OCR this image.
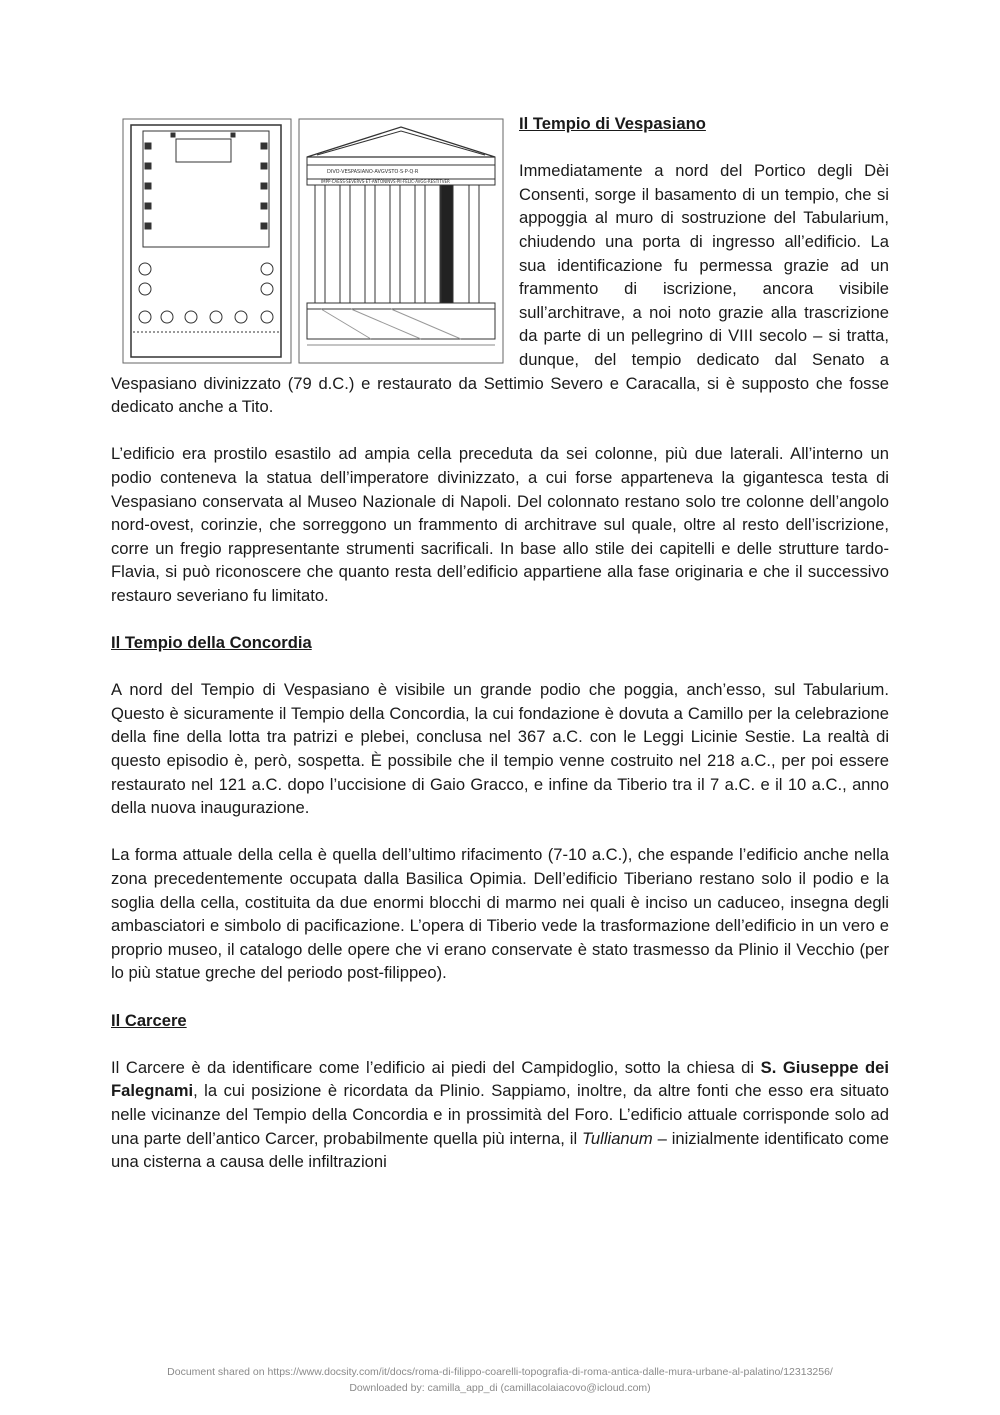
DIVO·VESPASIANO·AVGVSTO·S·P·Q·R
IMPP·CAESS·SEVERVS·ET·ANTONINVS·PII·FELIC·AVGG·RESTITVER
Il Tempio di Vespasiano

Immediatamente a nord del Portico degli Dèi Consenti, sorge il basamento di un tempio, che si appoggia al muro di sostruzione del Tabularium, chiudendo una porta di ingresso all’edificio. La sua identificazione fu permessa grazie ad un frammento di iscrizione, ancora visibile sull’architrave, a noi noto grazie alla trascrizione da parte di un pellegrino di VIII secolo – si tratta, dunque, del tempio dedicato dal Senato a Vespasiano divinizzato (79 d.C.) e restaurato da Settimio Severo e Caracalla, si è supposto che fosse dedicato anche a Tito.

L’edificio era prostilo esastilo ad ampia cella preceduta da sei colonne, più due laterali. All’interno un podio conteneva la statua dell’imperatore divinizzato, a cui forse apparteneva la gigantesca testa di Vespasiano conservata al Museo Nazionale di Napoli. Del colonnato restano solo tre colonne dell’angolo nord-ovest, corinzie, che sorreggono un frammento di architrave sul quale, oltre al resto dell’iscrizione, corre un fregio rappresentante strumenti sacrificali. In base allo stile dei capitelli e delle strutture tardo-Flavia, si può riconoscere che quanto resta dell’edificio appartiene alla fase originaria e che il successivo restauro severiano fu limitato.

Il Tempio della Concordia

A nord del Tempio di Vespasiano è visibile un grande podio che poggia, anch’esso, sul Tabularium. Questo è sicuramente il Tempio della Concordia, la cui fondazione è dovuta a Camillo per la celebrazione della fine della lotta tra patrizi e plebei, conclusa nel 367 a.C. con le Leggi Licinie Sestie. La realtà di questo episodio è, però, sospetta. È possibile che il tempio venne costruito nel 218 a.C., per poi essere restaurato nel 121 a.C. dopo l’uccisione di Gaio Gracco, e infine da Tiberio tra il 7 a.C. e il 10 a.C., anno della nuova inaugurazione.

La forma attuale della cella è quella dell’ultimo rifacimento (7-10 a.C.), che espande l’edificio anche nella zona precedentemente occupata dalla Basilica Opimia. Dell’edificio Tiberiano restano solo il podio e la soglia della cella, costituita da due enormi blocchi di marmo nei quali è inciso un caduceo, insegna degli ambasciatori e simbolo di pacificazione. L’opera di Tiberio vede la trasformazione dell’edificio in un vero e proprio museo, il catalogo delle opere che vi erano conservate è stato trasmesso da Plinio il Vecchio (per lo più statue greche del periodo post-filippeo).

Il Carcere

Il Carcere è da identificare come l’edificio ai piedi del Campidoglio, sotto la chiesa di S. Giuseppe dei Falegnami, la cui posizione è ricordata da Plinio. Sappiamo, inoltre, da altre fonti che esso era situato nelle vicinanze del Tempio della Concordia e in prossimità del Foro. L’edificio attuale corrisponde solo ad una parte dell’antico Carcer, probabilmente quella più interna, il Tullianum – inizialmente identificato come una cisterna a causa delle infiltrazioni

Document shared on https://www.docsity.com/it/docs/roma-di-filippo-coarelli-topografia-di-roma-antica-dalle-mura-urbane-al-palatino/12313256/
Downloaded by: camilla_app_di (camillacolaiacovo@icloud.com)
